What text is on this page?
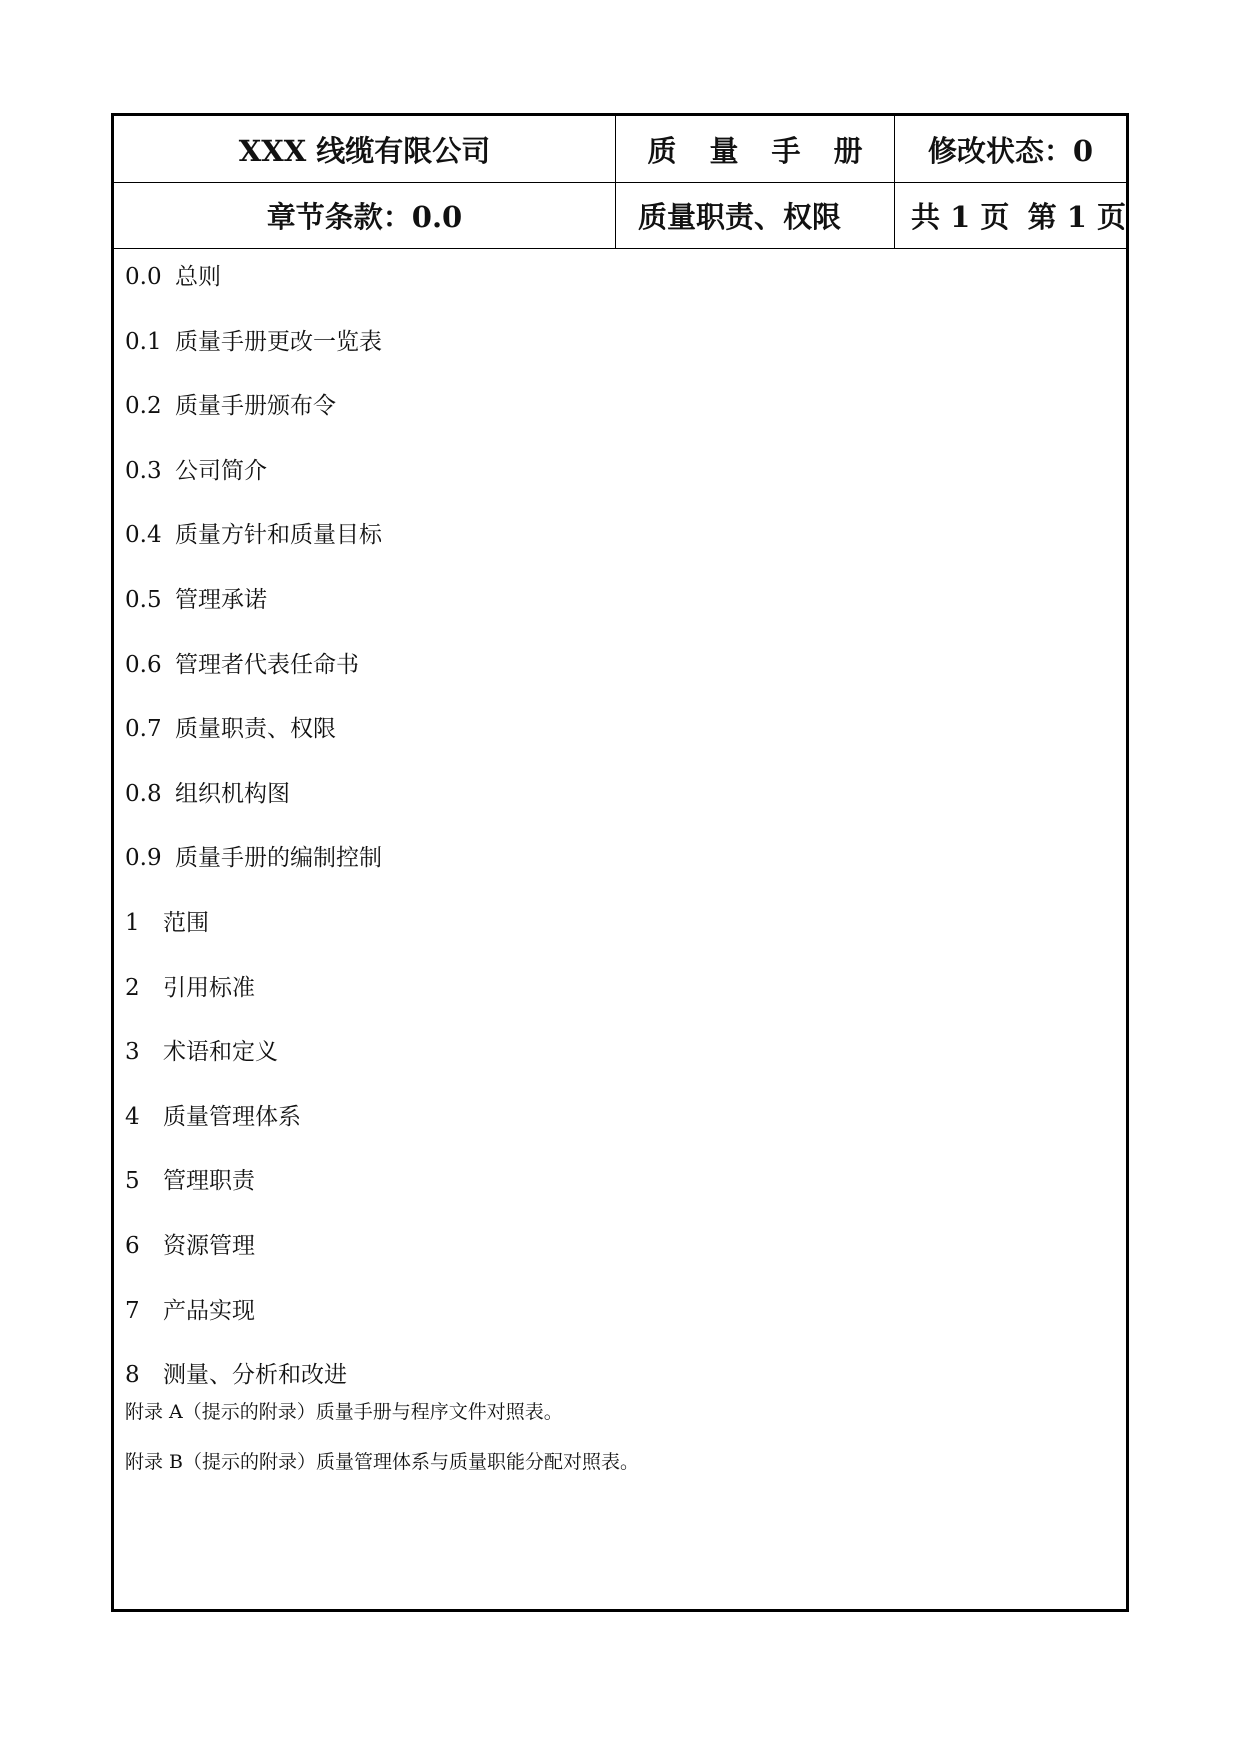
XXX 线缆有限公司	质量手册	修改状态：0
章节条款：0.0	质量职责、权限	共 1 页 第 1 页
0.0 总则
0.1 质量手册更改一览表
0.2 质量手册颁布令
0.3 公司简介
0.4 质量方针和质量目标
0.5 管理承诺
0.6 管理者代表任命书
0.7 质量职责、权限
0.8 组织机构图
0.9 质量手册的编制控制
1	范围
2	引用标准
3	术语和定义
4	质量管理体系
5	管理职责
6	资源管理
7	产品实现
8	测量、分析和改进
附录 A（提示的附录）质量手册与程序文件对照表。
附录 B（提示的附录）质量管理体系与质量职能分配对照表。
